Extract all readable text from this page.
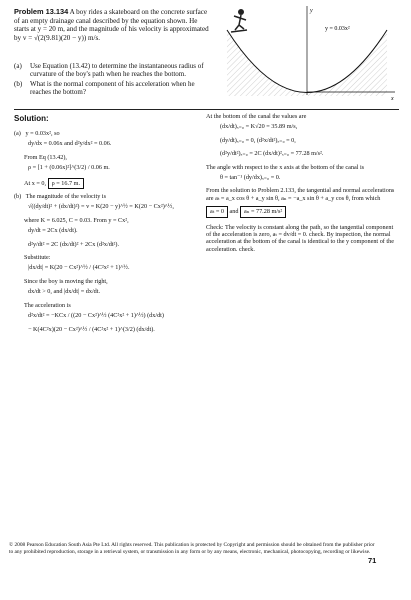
Problem 13.134 A boy rides a skateboard on the concrete surface of an empty drainage canal described by the equation shown. He starts at y = 20 m, and the magnitude of his velocity is approximated by v = √(2(9.81)(20 − y)) m/s.
(a)	Use Equation (13.42) to determine the instantaneous radius of curvature of the boy's path when he reaches the bottom.
(b)	What is the normal component of his acceleration when he reaches the bottom?
y
x
y = 0.03x²
Solution:
(a) y = 0.03x², so
dy/dx = 0.06x and d²y/dx² = 0.06.
From Eq (13.42),
ρ = [1 + (0.06x)²]^(3/2) / 0.06 m.
At x = 0, ρ = 16.7 m.
(b) The magnitude of the velocity is
√((dy/dt)² + (dx/dt)²) = v = K(20 − y)^½ = K(20 − Cx²)^½,
where K = 6.025, C = 0.03. From y = Cx²,
dy/dt = 2Cx (dx/dt).
d²y/dt² = 2C (dx/dt)² + 2Cx (d²x/dt²).
Substitute:
|dx/dt| = K(20 − Cx²)^½ / (4C²x² + 1)^½.
Since the boy is moving the right,
dx/dt > 0, and |dx/dt| = dx/dt.
The acceleration is
d²x/dt² = −KCx / ((20 − Cx²)^½ (4C²x² + 1)^½) (dx/dt)
− K(4C²x)(20 − Cx²)^½ / (4C²x² + 1)^(3/2) (dx/dt).
At the bottom of the canal the values are
(dx/dt)ₓ₌₀ = K√20 = 35.89 m/s,
(dy/dt)ₓ₌₀ = 0, (d²x/dt²)ₓ₌₀ = 0,
(d²y/dt²)ₓ₌₀ = 2C (dx/dt)²ₓ₌₀ = 77.28 m/s².
The angle with respect to the x axis at the bottom of the canal is
θ = tan⁻¹ (dy/dx)ₓ₌₀ = 0.
From the solution to Problem 2.133, the tangential and normal accelerations are aₜ = a_x cos θ + a_y sin θ, aₙ = −a_x sin θ + a_y cos θ, from which
aₜ = 0 and aₙ = 77.28 m/s²
Check: The velocity is constant along the path, so the tangential component of the acceleration is zero, aₜ = dv/dt = 0. check. By inspection, the normal acceleration at the bottom of the canal is identical to the y component of the acceleration. check.
© 2008 Pearson Education South Asia Pte Ltd. All rights reserved. This publication is protected by Copyright and permission should be obtained from the publisher prior to any prohibited reproduction, storage in a retrieval system, or transmission in any form or by any means, electronic, mechanical, photocopying, recording or likewise.
71
